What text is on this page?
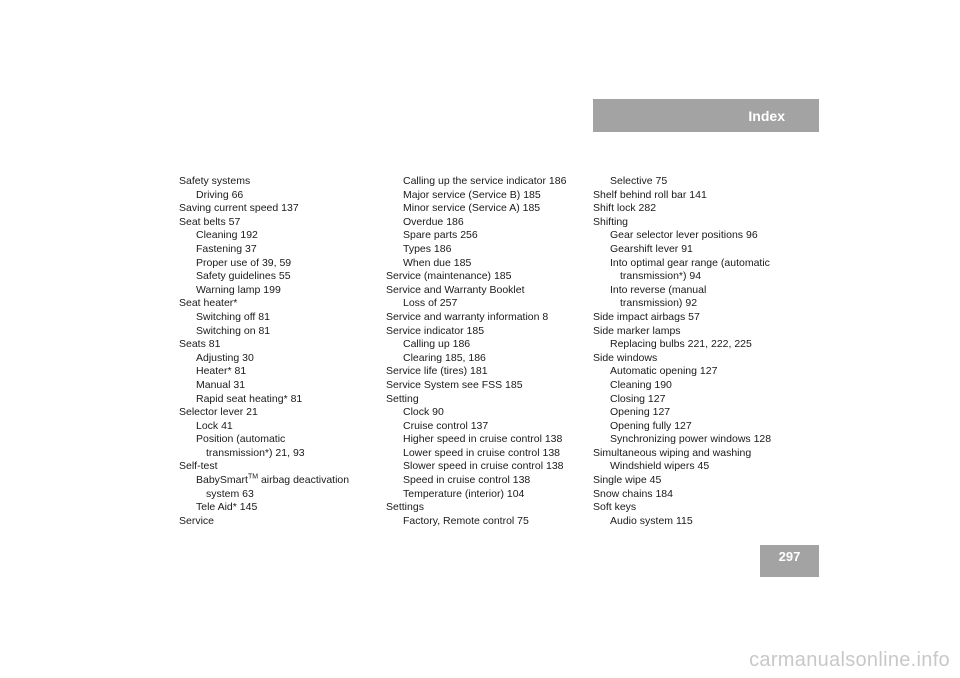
Index
Safety systems
Driving 66
Saving current speed 137
Seat belts 57
Cleaning 192
Fastening 37
Proper use of 39, 59
Safety guidelines 55
Warning lamp 199
Seat heater*
Switching off 81
Switching on 81
Seats 81
Adjusting 30
Heater* 81
Manual 31
Rapid seat heating* 81
Selector lever 21
Lock 41
Position (automatic
transmission*) 21, 93
Self-test
BabySmart™ airbag deactivation
system 63
Tele Aid* 145
Service
Calling up the service indicator 186
Major service (Service B) 185
Minor service (Service A) 185
Overdue 186
Spare parts 256
Types 186
When due 185
Service (maintenance) 185
Service and Warranty Booklet
Loss of 257
Service and warranty information 8
Service indicator 185
Calling up 186
Clearing 185, 186
Service life (tires) 181
Service System see FSS 185
Setting
Clock 90
Cruise control 137
Higher speed in cruise control 138
Lower speed in cruise control 138
Slower speed in cruise control 138
Speed in cruise control 138
Temperature (interior) 104
Settings
Factory, Remote control 75
Selective 75
Shelf behind roll bar 141
Shift lock 282
Shifting
Gear selector lever positions 96
Gearshift lever 91
Into optimal gear range (automatic
transmission*) 94
Into reverse (manual
transmission) 92
Side impact airbags 57
Side marker lamps
Replacing bulbs 221, 222, 225
Side windows
Automatic opening 127
Cleaning 190
Closing 127
Opening 127
Opening fully 127
Synchronizing power windows 128
Simultaneous wiping and washing
Windshield wipers 45
Single wipe 45
Snow chains 184
Soft keys
Audio system 115
297
carmanualsonline.info
